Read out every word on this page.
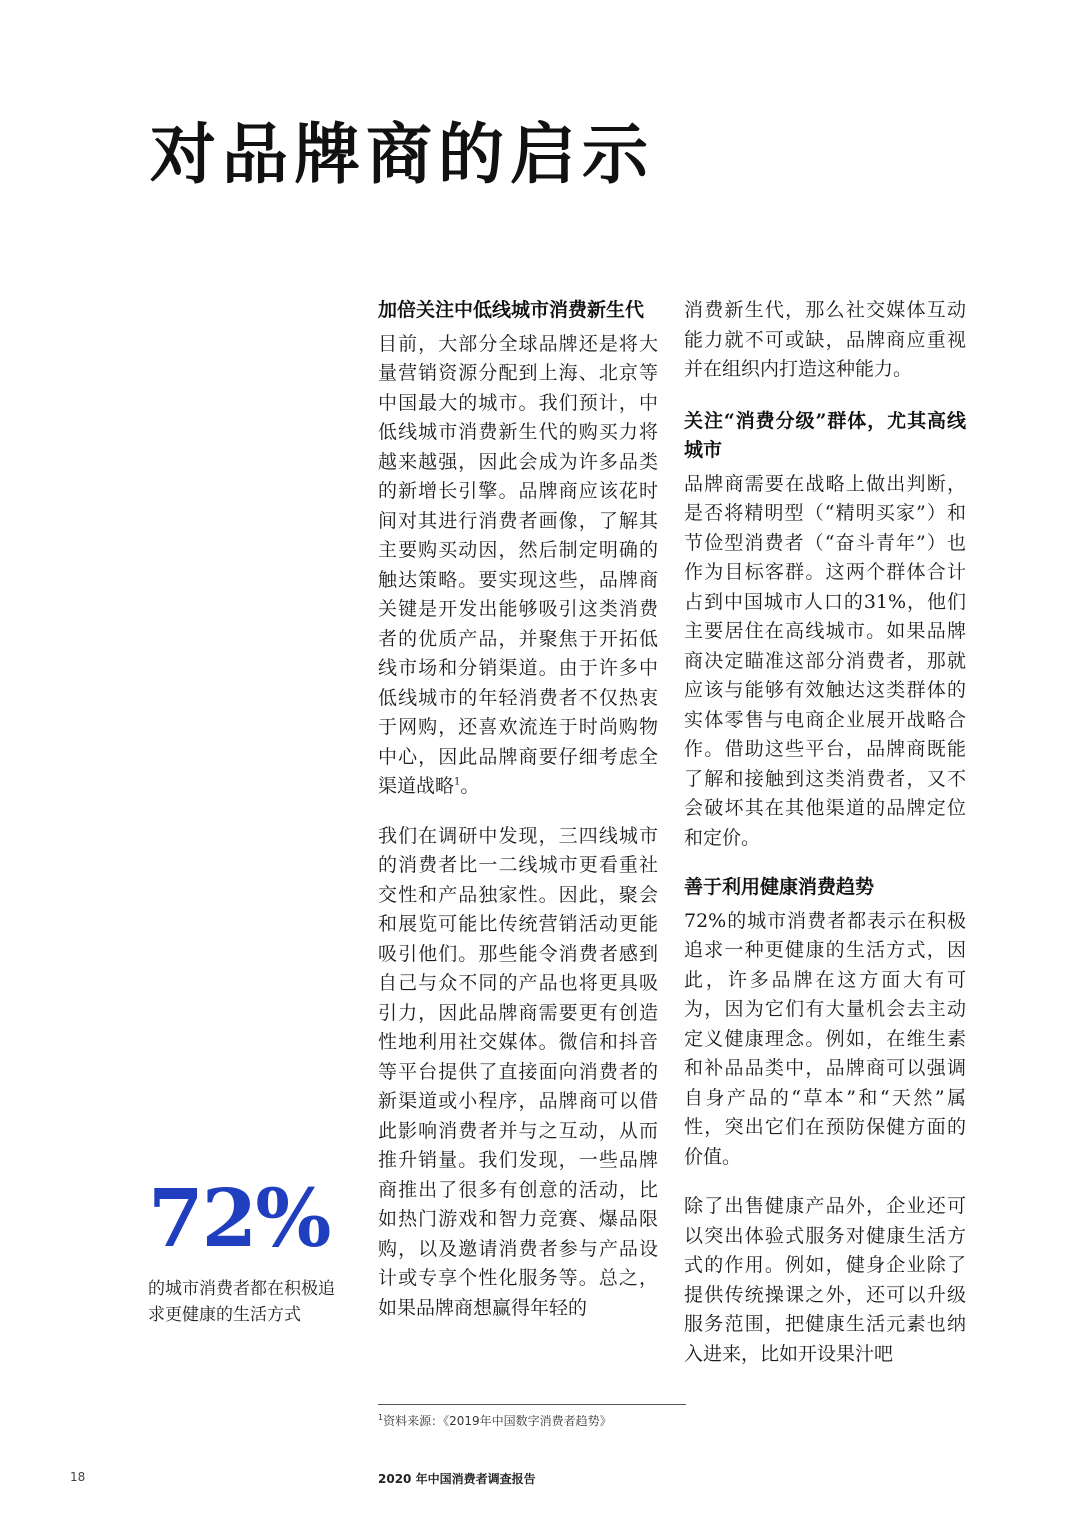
对品牌商的启示
加倍关注中低线城市消费新生代

目前，大部分全球品牌还是将大量营销资源分配到上海、北京等中国最大的城市。我们预计，中低线城市消费新生代的购买力将越来越强，因此会成为许多品类的新增长引擎。品牌商应该花时间对其进行消费者画像，了解其主要购买动因，然后制定明确的触达策略。要实现这些，品牌商关键是开发出能够吸引这类消费者的优质产品，并聚焦于开拓低线市场和分销渠道。由于许多中低线城市的年轻消费者不仅热衷于网购，还喜欢流连于时尚购物中心，因此品牌商要仔细考虑全渠道战略$^1$。

我们在调研中发现，三四线城市的消费者比一二线城市更看重社交性和产品独家性。因此，聚会和展览可能比传统营销活动更能吸引他们。那些能令消费者感到自己与众不同的产品也将更具吸引力，因此品牌商需要更有创造性地利用社交媒体。微信和抖音等平台提供了直接面向消费者的新渠道或小程序，品牌商可以借此影响消费者并与之互动，从而推升销量。我们发现，一些品牌商推出了很多有创意的活动，比如热门游戏和智力竞赛、爆品限购，以及邀请消费者参与产品设计或专享个性化服务等。总之，如果品牌商想赢得年轻的

消费新生代，那么社交媒体互动能力就不可或缺，品牌商应重视并在组织内打造这种能力。

关注“消费分级”群体，尤其高线城市

品牌商需要在战略上做出判断，是否将精明型（“精明买家”）和节俭型消费者（“奋斗青年”）也作为目标客群。这两个群体合计占到中国城市人口的31%，他们主要居住在高线城市。如果品牌商决定瞄准这部分消费者，那就应该与能够有效触达这类群体的实体零售与电商企业展开战略合作。借助这些平台，品牌商既能了解和接触到这类消费者，又不会破坏其在其他渠道的品牌定位和定价。

善于利用健康消费趋势

72%的城市消费者都表示在积极追求一种更健康的生活方式，因此，许多品牌在这方面大有可为，因为它们有大量机会去主动定义健康理念。例如，在维生素和补品品类中，品牌商可以强调自身产品的“草本”和“天然”属性，突出它们在预防保健方面的价值。

除了出售健康产品外，企业还可以突出体验式服务对健康生活方式的作用。例如，健身企业除了提供传统操课之外，还可以升级服务范围，把健康生活元素也纳入进来，比如开设果汁吧

72%
的城市消费者都在积极追求更健康的生活方式
$^1$资料来源：《2019年中国数字消费者趋势》
18	2020 年中国消费者调查报告
